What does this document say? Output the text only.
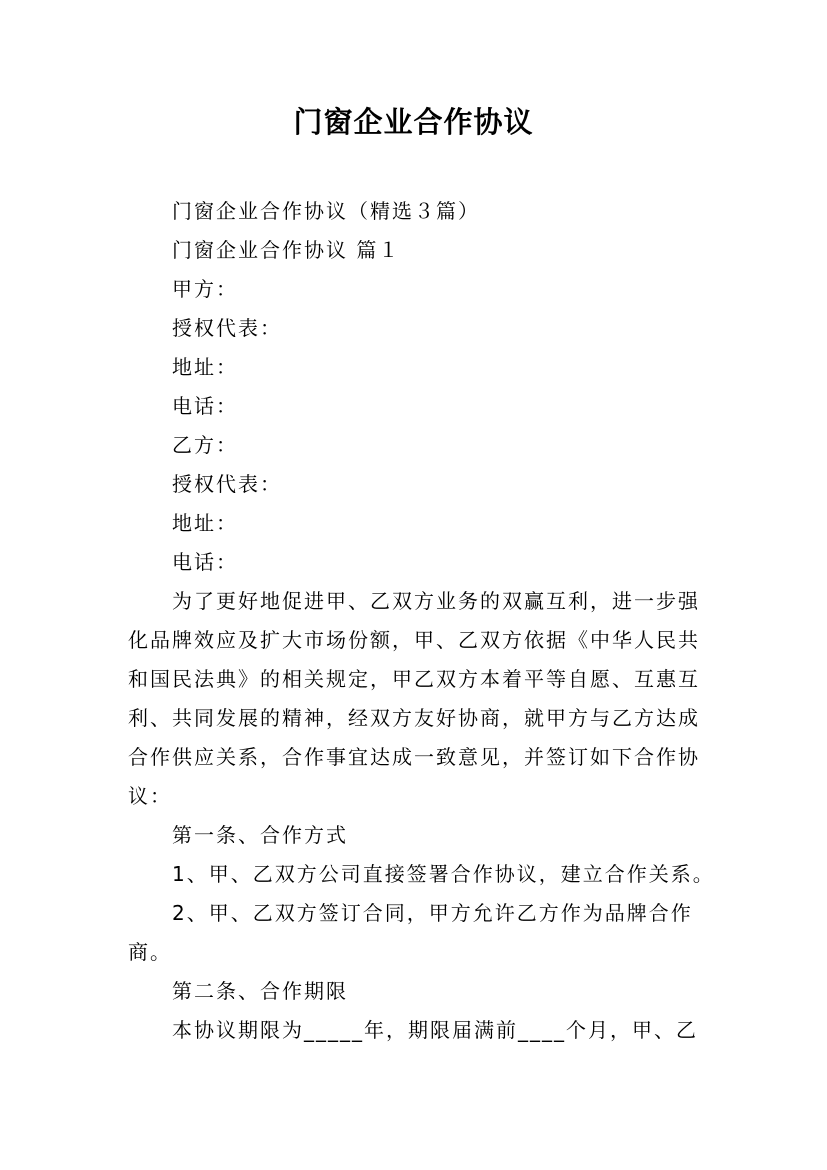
门窗企业合作协议

门窗企业合作协议（精选３篇）

门窗企业合作协议 篇１

甲方：

授权代表：

地址：

电话：

乙方：

授权代表：

地址：

电话：

为了更好地促进甲、乙双方业务的双赢互利，进一步强

化品牌效应及扩大市场份额，甲、乙双方依据《中华人民共

和国民法典》的相关规定，甲乙双方本着平等自愿、互惠互

利、共同发展的精神，经双方友好协商，就甲方与乙方达成

合作供应关系，合作事宜达成一致意见，并签订如下合作协

议：

第一条、合作方式

1、甲、乙双方公司直接签署合作协议，建立合作关系。

2、甲、乙双方签订合同，甲方允许乙方作为品牌合作

商。

第二条、合作期限

本协议期限为_____年，期限届满前____个月，甲、乙
